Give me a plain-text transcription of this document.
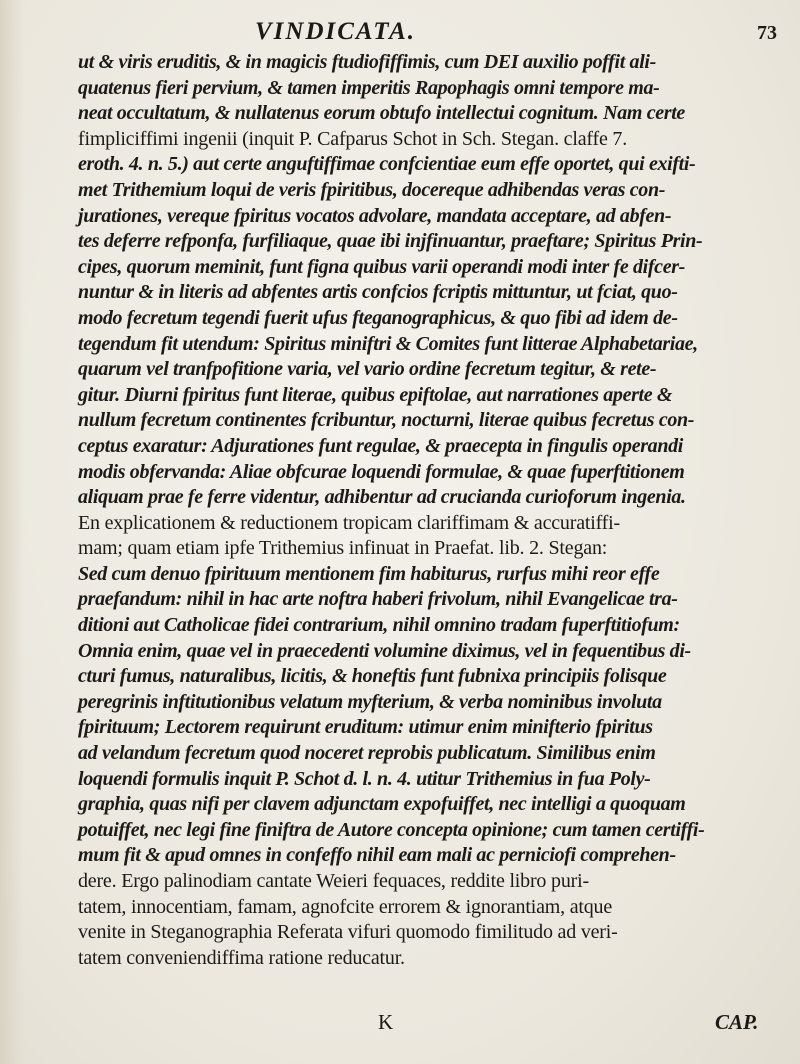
VINDICATA.	73
ut & viris eruditis, & in magicis ftudiofiffimis, cum DEI auxilio poffit ali-
quatenus fieri pervium, & tamen imperitis Rapophagis omni tempore ma-
neat occultatum, & nullatenus eorum obtufo intellectui cognitum. Nam certe
fimpliciffimi ingenii (inquit P. Cafparus Schot in Sch. Stegan. claffe 7.
eroth. 4. n. 5.) aut certe anguftiffimae confcientiae eum effe oportet, qui exifti-
met Trithemium loqui de veris fpiritibus, docereque adhibendas veras con-
jurationes, vereque fpiritus vocatos advolare, mandata acceptare, ad abfen-
tes deferre refponfa, furfiliaque, quae ibi injfinuantur, praeftare; Spiritus Prin-
cipes, quorum meminit, funt figna quibus varii operandi modi inter fe difcer-
nuntur & in literis ad abfentes artis confcios fcriptis mittuntur, ut fciat, quo-
modo fecretum tegendi fuerit ufus fteganographicus, & quo fibi ad idem de-
tegendum fit utendum: Spiritus miniftri & Comites funt litterae Alphabetariae,
quarum vel tranfpofitione varia, vel vario ordine fecretum tegitur, & rete-
gitur. Diurni fpiritus funt literae, quibus epiftolae, aut narrationes aperte &
nullum fecretum continentes fcribuntur, nocturni, literae quibus fecretus con-
ceptus exaratur: Adjurationes funt regulae, & praecepta in fingulis operandi
modis obfervanda: Aliae obfcurae loquendi formulae, & quae fuperftitionem
aliquam prae fe ferre videntur, adhibentur ad crucianda curioforum ingenia.
En explicationem & reductionem tropicam clariffimam & accuratiffi-
mam; quam etiam ipfe Trithemius infinuat in Praefat. lib. 2. Stegan:
Sed cum denuo fpirituum mentionem fim habiturus, rurfus mihi reor effe
praefandum: nihil in hac arte noftra haberi frivolum, nihil Evangelicae tra-
ditioni aut Catholicae fidei contrarium, nihil omnino tradam fuperftitiofum:
Omnia enim, quae vel in praecedenti volumine diximus, vel in fequentibus di-
cturi fumus, naturalibus, licitis, & honeftis funt fubnixa principiis folisque
peregrinis inftitutionibus velatum myfterium, & verba nominibus involuta
fpirituum; Lectorem requirunt eruditum: utimur enim minifterio fpiritus
ad velandum fecretum quod noceret reprobis publicatum. Similibus enim
loquendi formulis inquit P. Schot d. l. n. 4. utitur Trithemius in fua Poly-
graphia, quas nifi per clavem adjunctam expofuiffet, nec intelligi a quoquam
potuiffet, nec legi fine finiftra de Autore concepta opinione; cum tamen certiffi-
mum fit & apud omnes in confeffo nihil eam mali ac perniciofi comprehen-
dere. Ergo palinodiam cantate Weieri fequaces, reddite libro puri-
tatem, innocentiam, famam, agnofcite errorem & ignorantiam, atque
venite in Steganographia Referata vifuri quomodo fimilitudo ad veri-
tatem conveniendiffima ratione reducatur.
K	CAP.
